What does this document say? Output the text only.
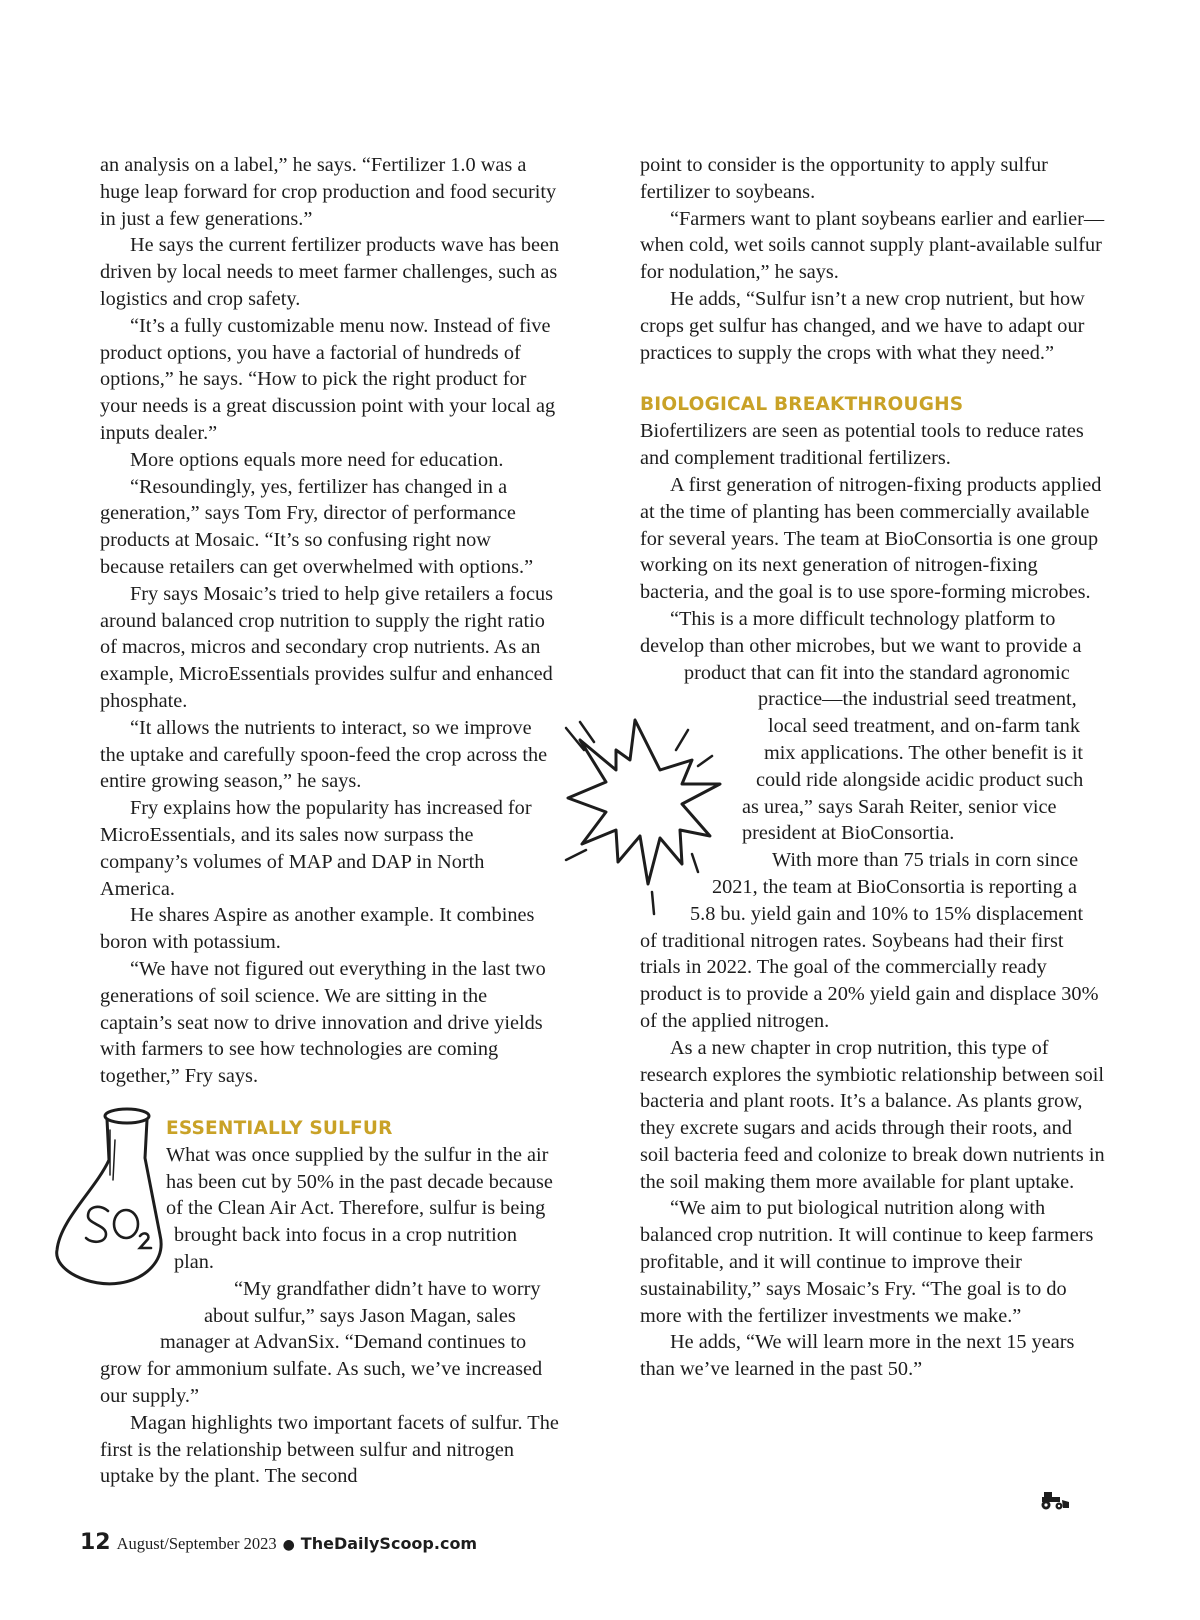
an analysis on a label,” he says. “Fertilizer 1.0 was a huge leap forward for crop production and food security in just a few generations.”

He says the current fertilizer products wave has been driven by local needs to meet farmer challenges, such as logistics and crop safety.

“It’s a fully customizable menu now. Instead of five product options, you have a factorial of hundreds of options,” he says. “How to pick the right product for your needs is a great discussion point with your local ag inputs dealer.”

More options equals more need for education.

“Resoundingly, yes, fertilizer has changed in a generation,” says Tom Fry, director of performance products at Mosaic. “It’s so confusing right now because retailers can get overwhelmed with options.”

Fry says Mosaic’s tried to help give retailers a focus around balanced crop nutrition to supply the right ratio of macros, micros and secondary crop nutrients. As an example, MicroEssentials provides sulfur and enhanced phosphate.

“It allows the nutrients to interact, so we improve the uptake and carefully spoon-feed the crop across the entire growing season,” he says.

Fry explains how the popularity has increased for MicroEssentials, and its sales now surpass the company’s volumes of MAP and DAP in North America.

He shares Aspire as another example. It combines boron with potassium.

“We have not figured out everything in the last two generations of soil science. We are sitting in the captain’s seat now to drive innovation and drive yields with farmers to see how technologies are coming together,” Fry says.

ESSENTIALLY SULFUR

What was once supplied by the sulfur in the air has been cut by 50% in the past decade because of the Clean Air Act. Therefore, sulfur is being brought back into focus in a crop nutrition plan.

“My grandfather didn’t have to worry about sulfur,” says Jason Magan, sales manager at AdvanSix. “Demand continues to grow for ammonium sulfate. As such, we’ve increased our supply.”

Magan highlights two important facets of sulfur. The first is the relationship between sulfur and nitrogen uptake by the plant. The second

point to consider is the opportunity to apply sulfur fertilizer to soybeans.

“Farmers want to plant soybeans earlier and earlier—when cold, wet soils cannot supply plant-available sulfur for nodulation,” he says.

He adds, “Sulfur isn’t a new crop nutrient, but how crops get sulfur has changed, and we have to adapt our practices to supply the crops with what they need.”

BIOLOGICAL BREAKTHROUGHS

Biofertilizers are seen as potential tools to reduce rates and complement traditional fertilizers.

A first generation of nitrogen-fixing products applied at the time of planting has been commercially available for several years. The team at BioConsortia is one group working on its next generation of nitrogen-fixing bacteria, and the goal is to use spore-forming microbes.

“This is a more difficult technology platform to develop than other microbes, but we want to provide a product that can fit into the standard agronomic practice—the industrial seed treatment, local seed treatment, and on-farm tank mix applications. The other benefit is it could ride alongside acidic product such as urea,” says Sarah Reiter, senior vice president at BioConsortia.

With more than 75 trials in corn since 2021, the team at BioConsortia is reporting a 5.8 bu. yield gain and 10% to 15% displacement of traditional nitrogen rates. Soybeans had their first trials in 2022. The goal of the commercially ready product is to provide a 20% yield gain and displace 30% of the applied nitrogen.

As a new chapter in crop nutrition, this type of research explores the symbiotic relationship between soil bacteria and plant roots. It’s a balance. As plants grow, they excrete sugars and acids through their roots, and soil bacteria feed and colonize to break down nutrients in the soil making them more available for plant uptake.

“We aim to put biological nutrition along with balanced crop nutrition. It will continue to keep farmers profitable, and it will continue to improve their sustainability,” says Mosaic’s Fry. “The goal is to do more with the fertilizer investments we make.”

He adds, “We will learn more in the next 15 years than we’ve learned in the past 50.”

SO2
12 August/September 2023 ● TheDailyScoop.com
